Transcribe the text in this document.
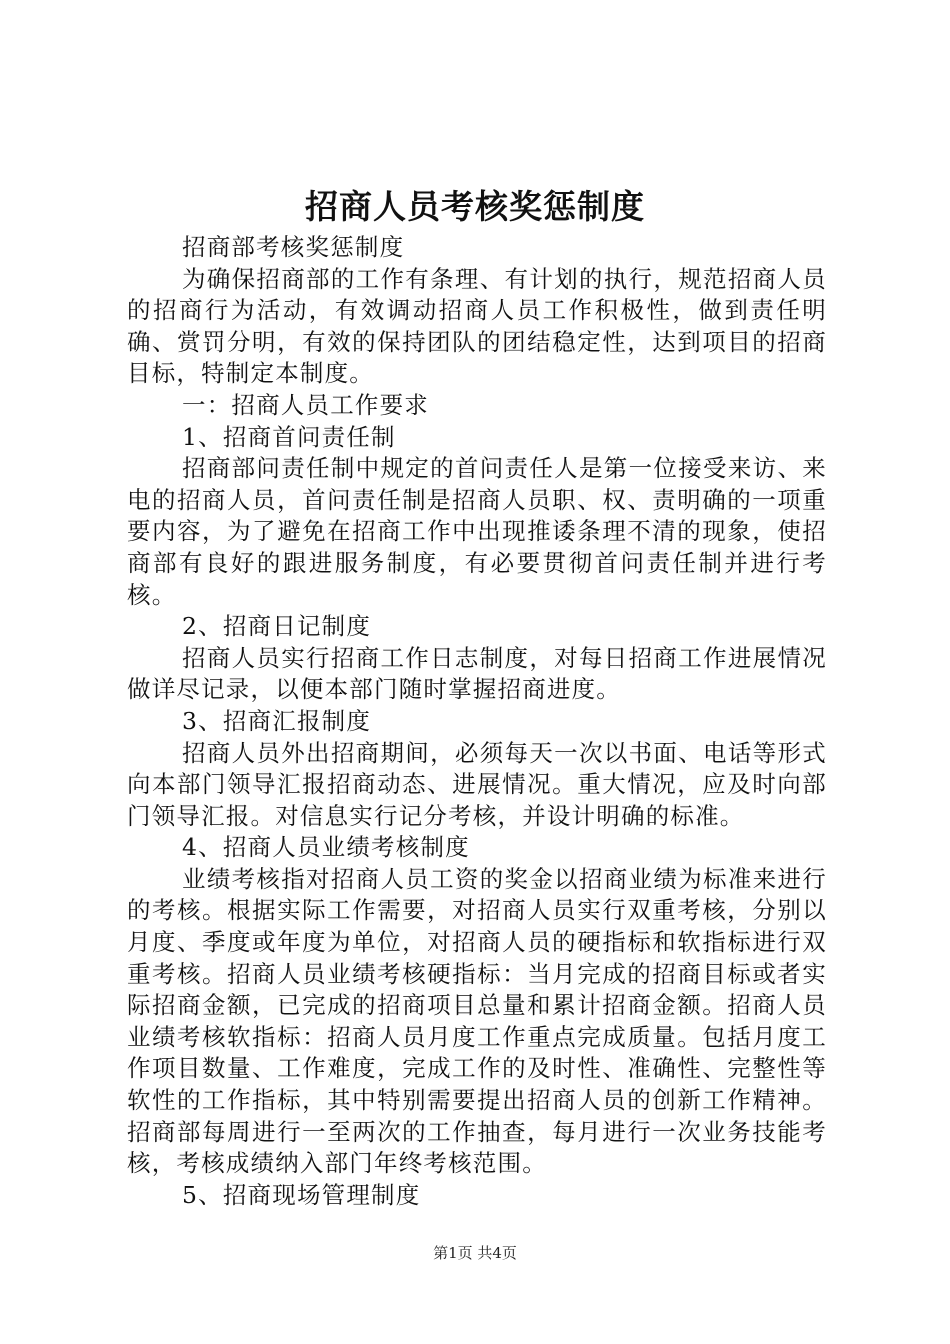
招商人员考核奖惩制度

招商部考核奖惩制度

为确保招商部的工作有条理、有计划的执行，规范招商人员的招商行为活动，有效调动招商人员工作积极性，做到责任明确、赏罚分明，有效的保持团队的团结稳定性，达到项目的招商目标，特制定本制度。

一：招商人员工作要求

1、招商首问责任制

招商部问责任制中规定的首问责任人是第一位接受来访、来电的招商人员，首问责任制是招商人员职、权、责明确的一项重要内容，为了避免在招商工作中出现推诿条理不清的现象，使招商部有良好的跟进服务制度，有必要贯彻首问责任制并进行考核。

2、招商日记制度

招商人员实行招商工作日志制度，对每日招商工作进展情况做详尽记录，以便本部门随时掌握招商进度。

3、招商汇报制度

招商人员外出招商期间，必须每天一次以书面、电话等形式向本部门领导汇报招商动态、进展情况。重大情况，应及时向部门领导汇报。对信息实行记分考核，并设计明确的标准。

4、招商人员业绩考核制度

业绩考核指对招商人员工资的奖金以招商业绩为标准来进行的考核。根据实际工作需要，对招商人员实行双重考核，分别以月度、季度或年度为单位，对招商人员的硬指标和软指标进行双重考核。招商人员业绩考核硬指标：当月完成的招商目标或者实际招商金额，已完成的招商项目总量和累计招商金额。招商人员业绩考核软指标：招商人员月度工作重点完成质量。包括月度工作项目数量、工作难度，完成工作的及时性、准确性、完整性等软性的工作指标，其中特别需要提出招商人员的创新工作精神。招商部每周进行一至两次的工作抽查，每月进行一次业务技能考核，考核成绩纳入部门年终考核范围。

5、招商现场管理制度

第1页 共4页
